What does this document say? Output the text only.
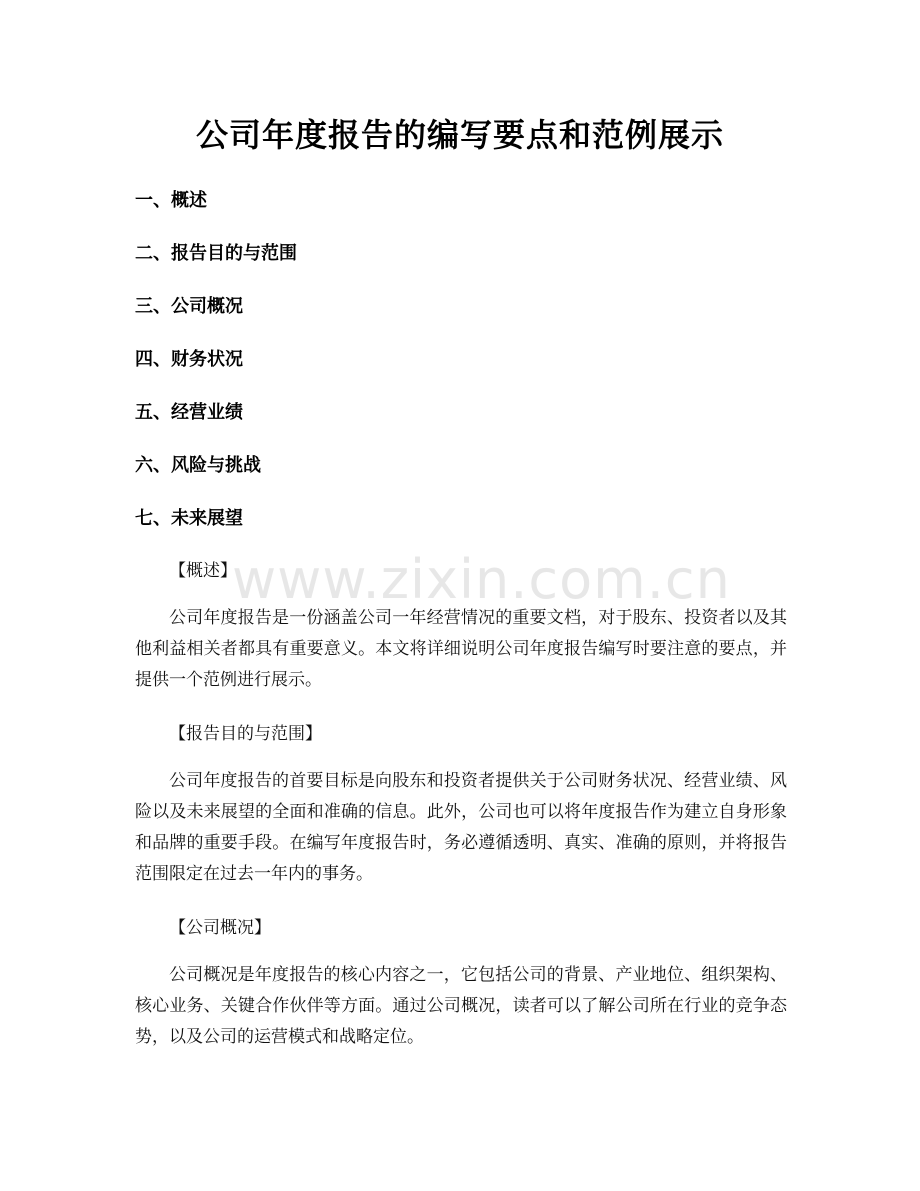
公司年度报告的编写要点和范例展示
一、概述
二、报告目的与范围
三、公司概况
四、财务状况
五、经营业绩
六、风险与挑战
七、未来展望
【概述】

公司年度报告是一份涵盖公司一年经营情况的重要文档，对于股东、投资者以及其他利益相关者都具有重要意义。本文将详细说明公司年度报告编写时要注意的要点，并提供一个范例进行展示。

【报告目的与范围】

公司年度报告的首要目标是向股东和投资者提供关于公司财务状况、经营业绩、风险以及未来展望的全面和准确的信息。此外，公司也可以将年度报告作为建立自身形象和品牌的重要手段。在编写年度报告时，务必遵循透明、真实、准确的原则，并将报告范围限定在过去一年内的事务。

【公司概况】

公司概况是年度报告的核心内容之一，它包括公司的背景、产业地位、组织架构、核心业务、关键合作伙伴等方面。通过公司概况，读者可以了解公司所在行业的竞争态势，以及公司的运营模式和战略定位。

www.zixin.com.cn
